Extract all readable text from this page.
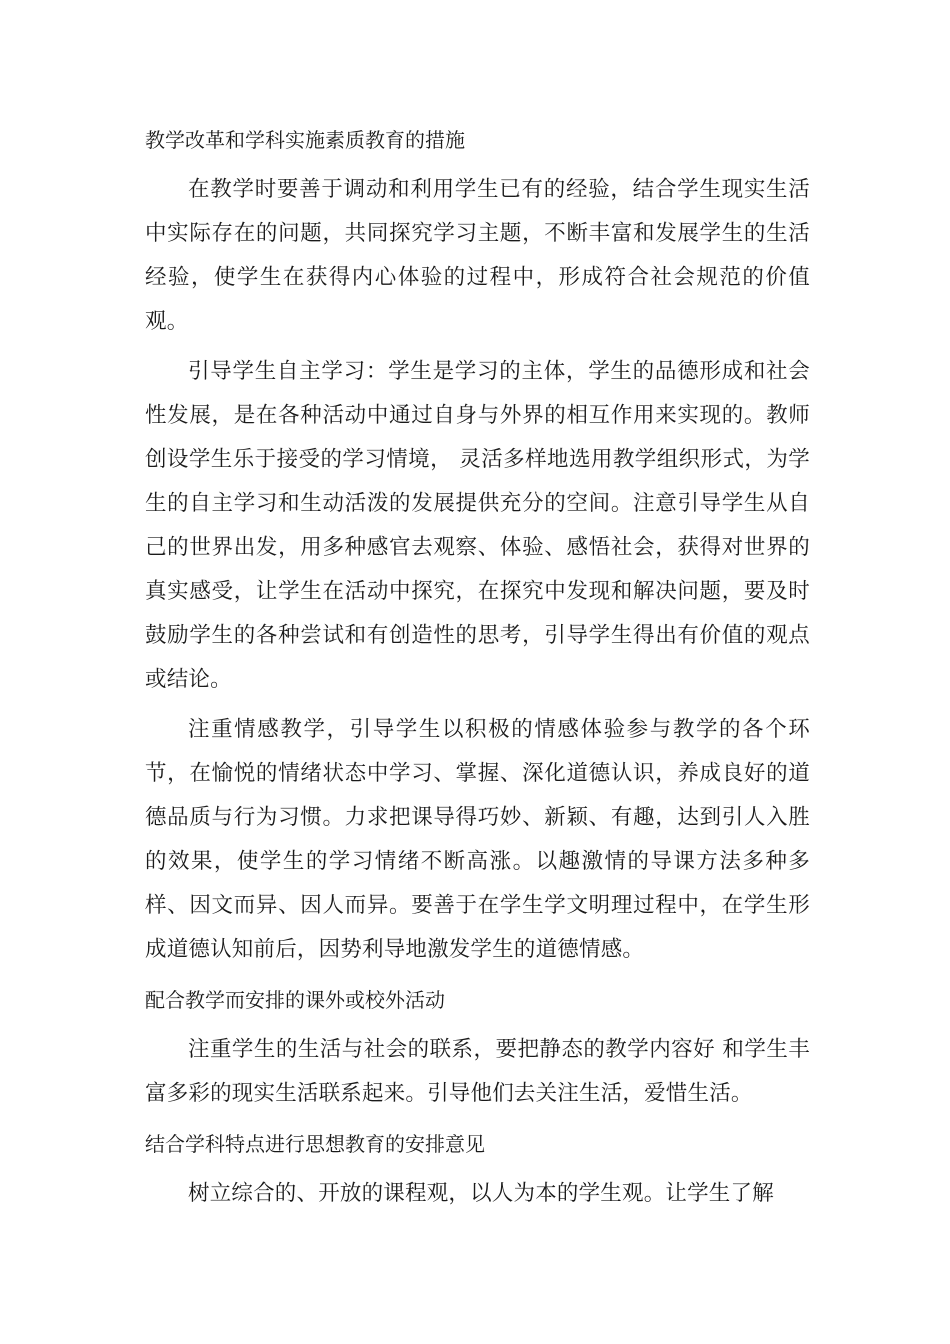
教学改革和学科实施素质教育的措施
在教学时要善于调动和利用学生已有的经验，结合学生现实生活中实际存在的问题，共同探究学习主题，不断丰富和发展学生的生活经验，使学生在获得内心体验的过程中，形成符合社会规范的价值观。
引导学生自主学习：学生是学习的主体，学生的品德形成和社会性发展，是在各种活动中通过自身与外界的相互作用来实现的。教师创设学生乐于接受的学习情境， 灵活多样地选用教学组织形式，为学生的自主学习和生动活泼的发展提供充分的空间。注意引导学生从自己的世界出发，用多种感官去观察、体验、感悟社会，获得对世界的真实感受，让学生在活动中探究，在探究中发现和解决问题，要及时鼓励学生的各种尝试和有创造性的思考，引导学生得出有价值的观点或结论。
注重情感教学，引导学生以积极的情感体验参与教学的各个环节，在愉悦的情绪状态中学习、掌握、深化道德认识，养成良好的道德品质与行为习惯。力求把课导得巧妙、新颖、有趣，达到引人入胜的效果，使学生的学习情绪不断高涨。以趣激情的导课方法多种多样、因文而异、因人而异。要善于在学生学文明理过程中，在学生形成道德认知前后，因势利导地激发学生的道德情感。
配合教学而安排的课外或校外活动
注重学生的生活与社会的联系，要把静态的教学内容好 和学生丰富多彩的现实生活联系起来。引导他们去关注生活，爱惜生活。
结合学科特点进行思想教育的安排意见
树立综合的、开放的课程观，以人为本的学生观。让学生了解
